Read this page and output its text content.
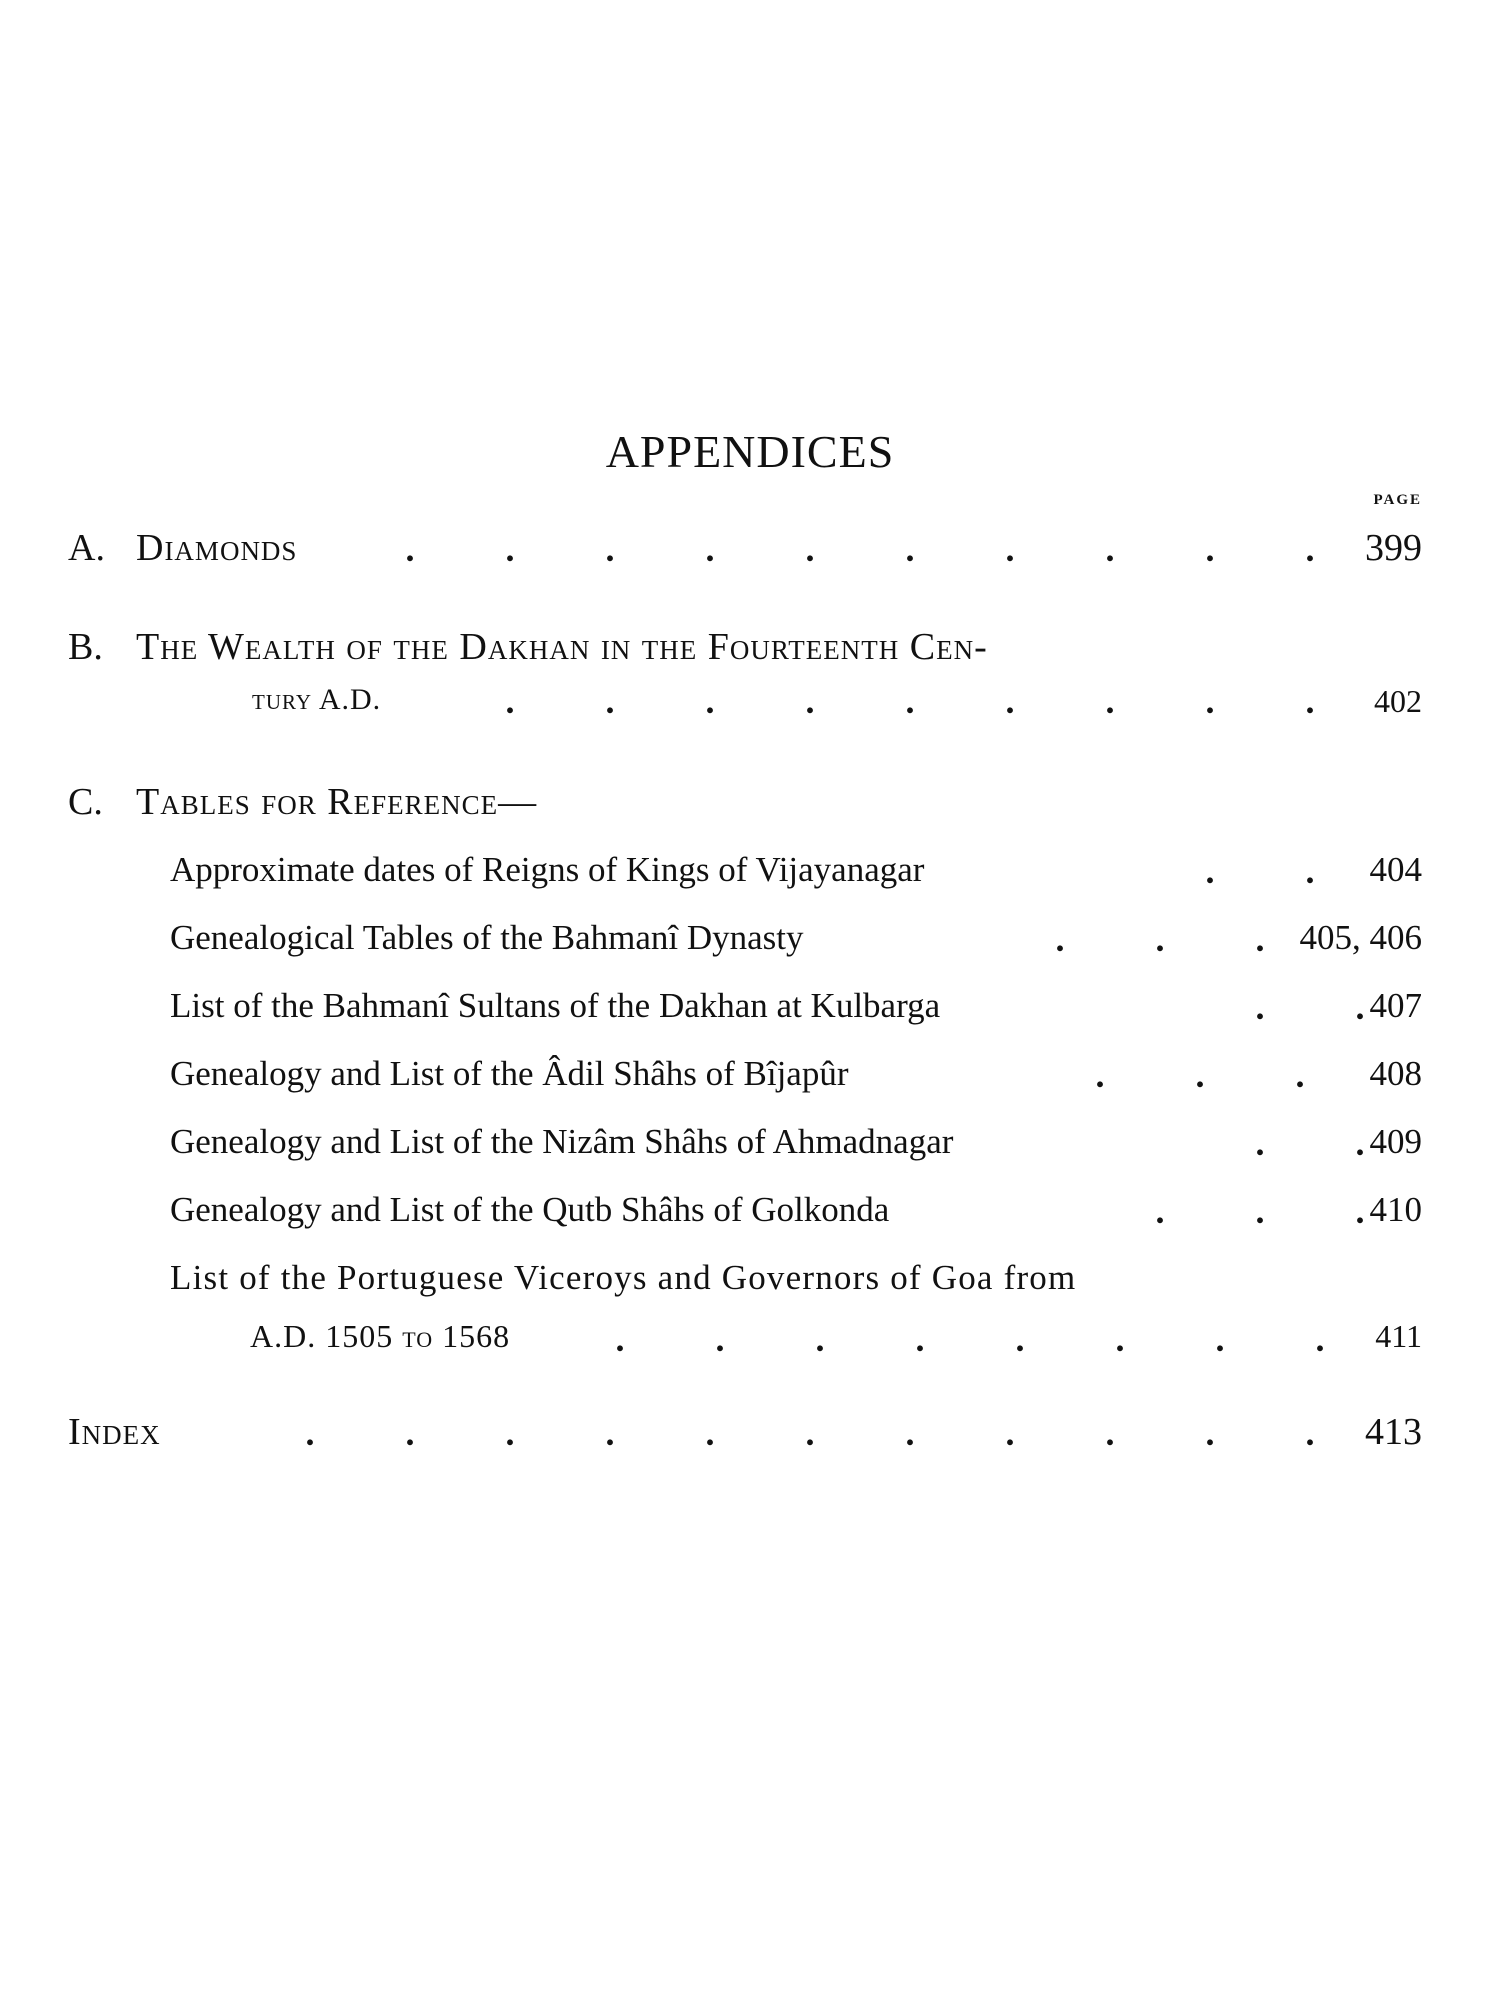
APPENDICES
PAGE
A. Diamonds	.	.	.	.	.	.	.	.	.	.	399
B. The Wealth of the Dakhan in the Fourteenth Cen-
tury A.D.	.	.	.	.	.	.	.	.	.	402
C. Tables for Reference—
Approximate dates of Reigns of Kings of Vijayanagar	.	.	404
Genealogical Tables of the Bahmanî Dynasty	.	.	. 405, 406
List of the Bahmanî Sultans of the Dakhan at Kulbarga	.	. 407
Genealogy and List of the Âdil Shâhs of Bîjapûr	.	.	.	408
Genealogy and List of the Nizâm Shâhs of Ahmadnagar	.	. 409
Genealogy and List of the Qutb Shâhs of Golkonda	.	.	. 410
List of the Portuguese Viceroys and Governors of Goa from
A.D. 1505 to 1568	.	.	.	.	.	.	.	.	411
Index	.	.	.	.	.	.	.	.	.	.	.	413
